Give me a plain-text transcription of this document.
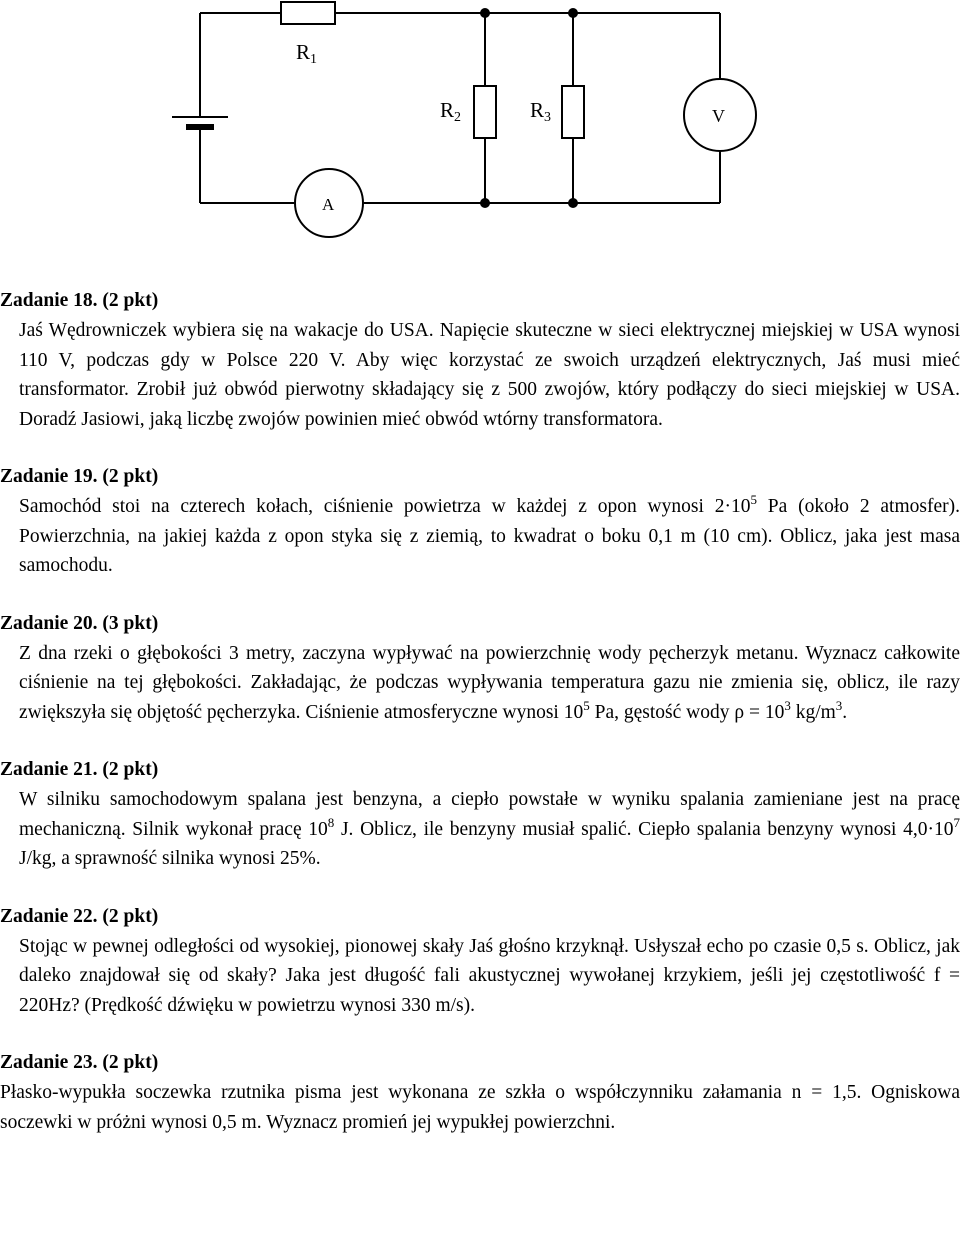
V
A
R1
R2	R3
Zadanie 18. (2 pkt)

Jaś Wędrowniczek wybiera się na wakacje do USA. Napięcie skuteczne w sieci elektrycznej miejskiej w USA wynosi 110 V, podczas gdy w Polsce 220 V. Aby więc korzystać ze swoich urządzeń elektrycznych, Jaś musi mieć transformator. Zrobił już obwód pierwotny składający się z 500 zwojów, który podłączy do sieci miejskiej w USA. Doradź Jasiowi, jaką liczbę zwojów powinien mieć obwód wtórny transformatora.

Zadanie 19. (2 pkt)

Samochód stoi na czterech kołach, ciśnienie powietrza w każdej z opon wynosi $2\cdot 10^5$ Pa (około 2 atmosfer). Powierzchnia, na jakiej każda z opon styka się z ziemią, to kwadrat o boku 0,1 m (10 cm). Oblicz, jaka jest masa samochodu.

Zadanie 20. (3 pkt)

Z dna rzeki o głębokości 3 metry, zaczyna wypływać na powierzchnię wody pęcherzyk metanu. Wyznacz całkowite ciśnienie na tej głębokości. Zakładając, że podczas wypływania temperatura gazu nie zmienia się, oblicz, ile razy zwiększyła się objętość pęcherzyka. Ciśnienie atmosferyczne wynosi $10^5$ Pa, gęstość wody $\rho = 10^3$ $kg/m^3$.

Zadanie 21. (2 pkt)

W silniku samochodowym spalana jest benzyna, a ciepło powstałe w wyniku spalania zamieniane jest na pracę mechaniczną. Silnik wykonał pracę $10^8$ J. Oblicz, ile benzyny musiał spalić. Ciepło spalania benzyny wynosi $4,0\cdot 10^7$ J/kg, a sprawność silnika wynosi 25%.

Zadanie 22. (2 pkt)

Stojąc w pewnej odległości od wysokiej, pionowej skały Jaś głośno krzyknął. Usłyszał echo po czasie 0,5 s. Oblicz, jak daleko znajdował się od skały? Jaka jest długość fali akustycznej wywołanej krzykiem, jeśli jej częstotliwość f = 220Hz? (Prędkość dźwięku w powietrzu wynosi 330 m/s).

Zadanie 23. (2 pkt)

Płasko-wypukła soczewka rzutnika pisma jest wykonana ze szkła o współczynniku załamania n = 1,5. Ogniskowa soczewki w próżni wynosi 0,5 m. Wyznacz promień jej wypukłej powierzchni.
